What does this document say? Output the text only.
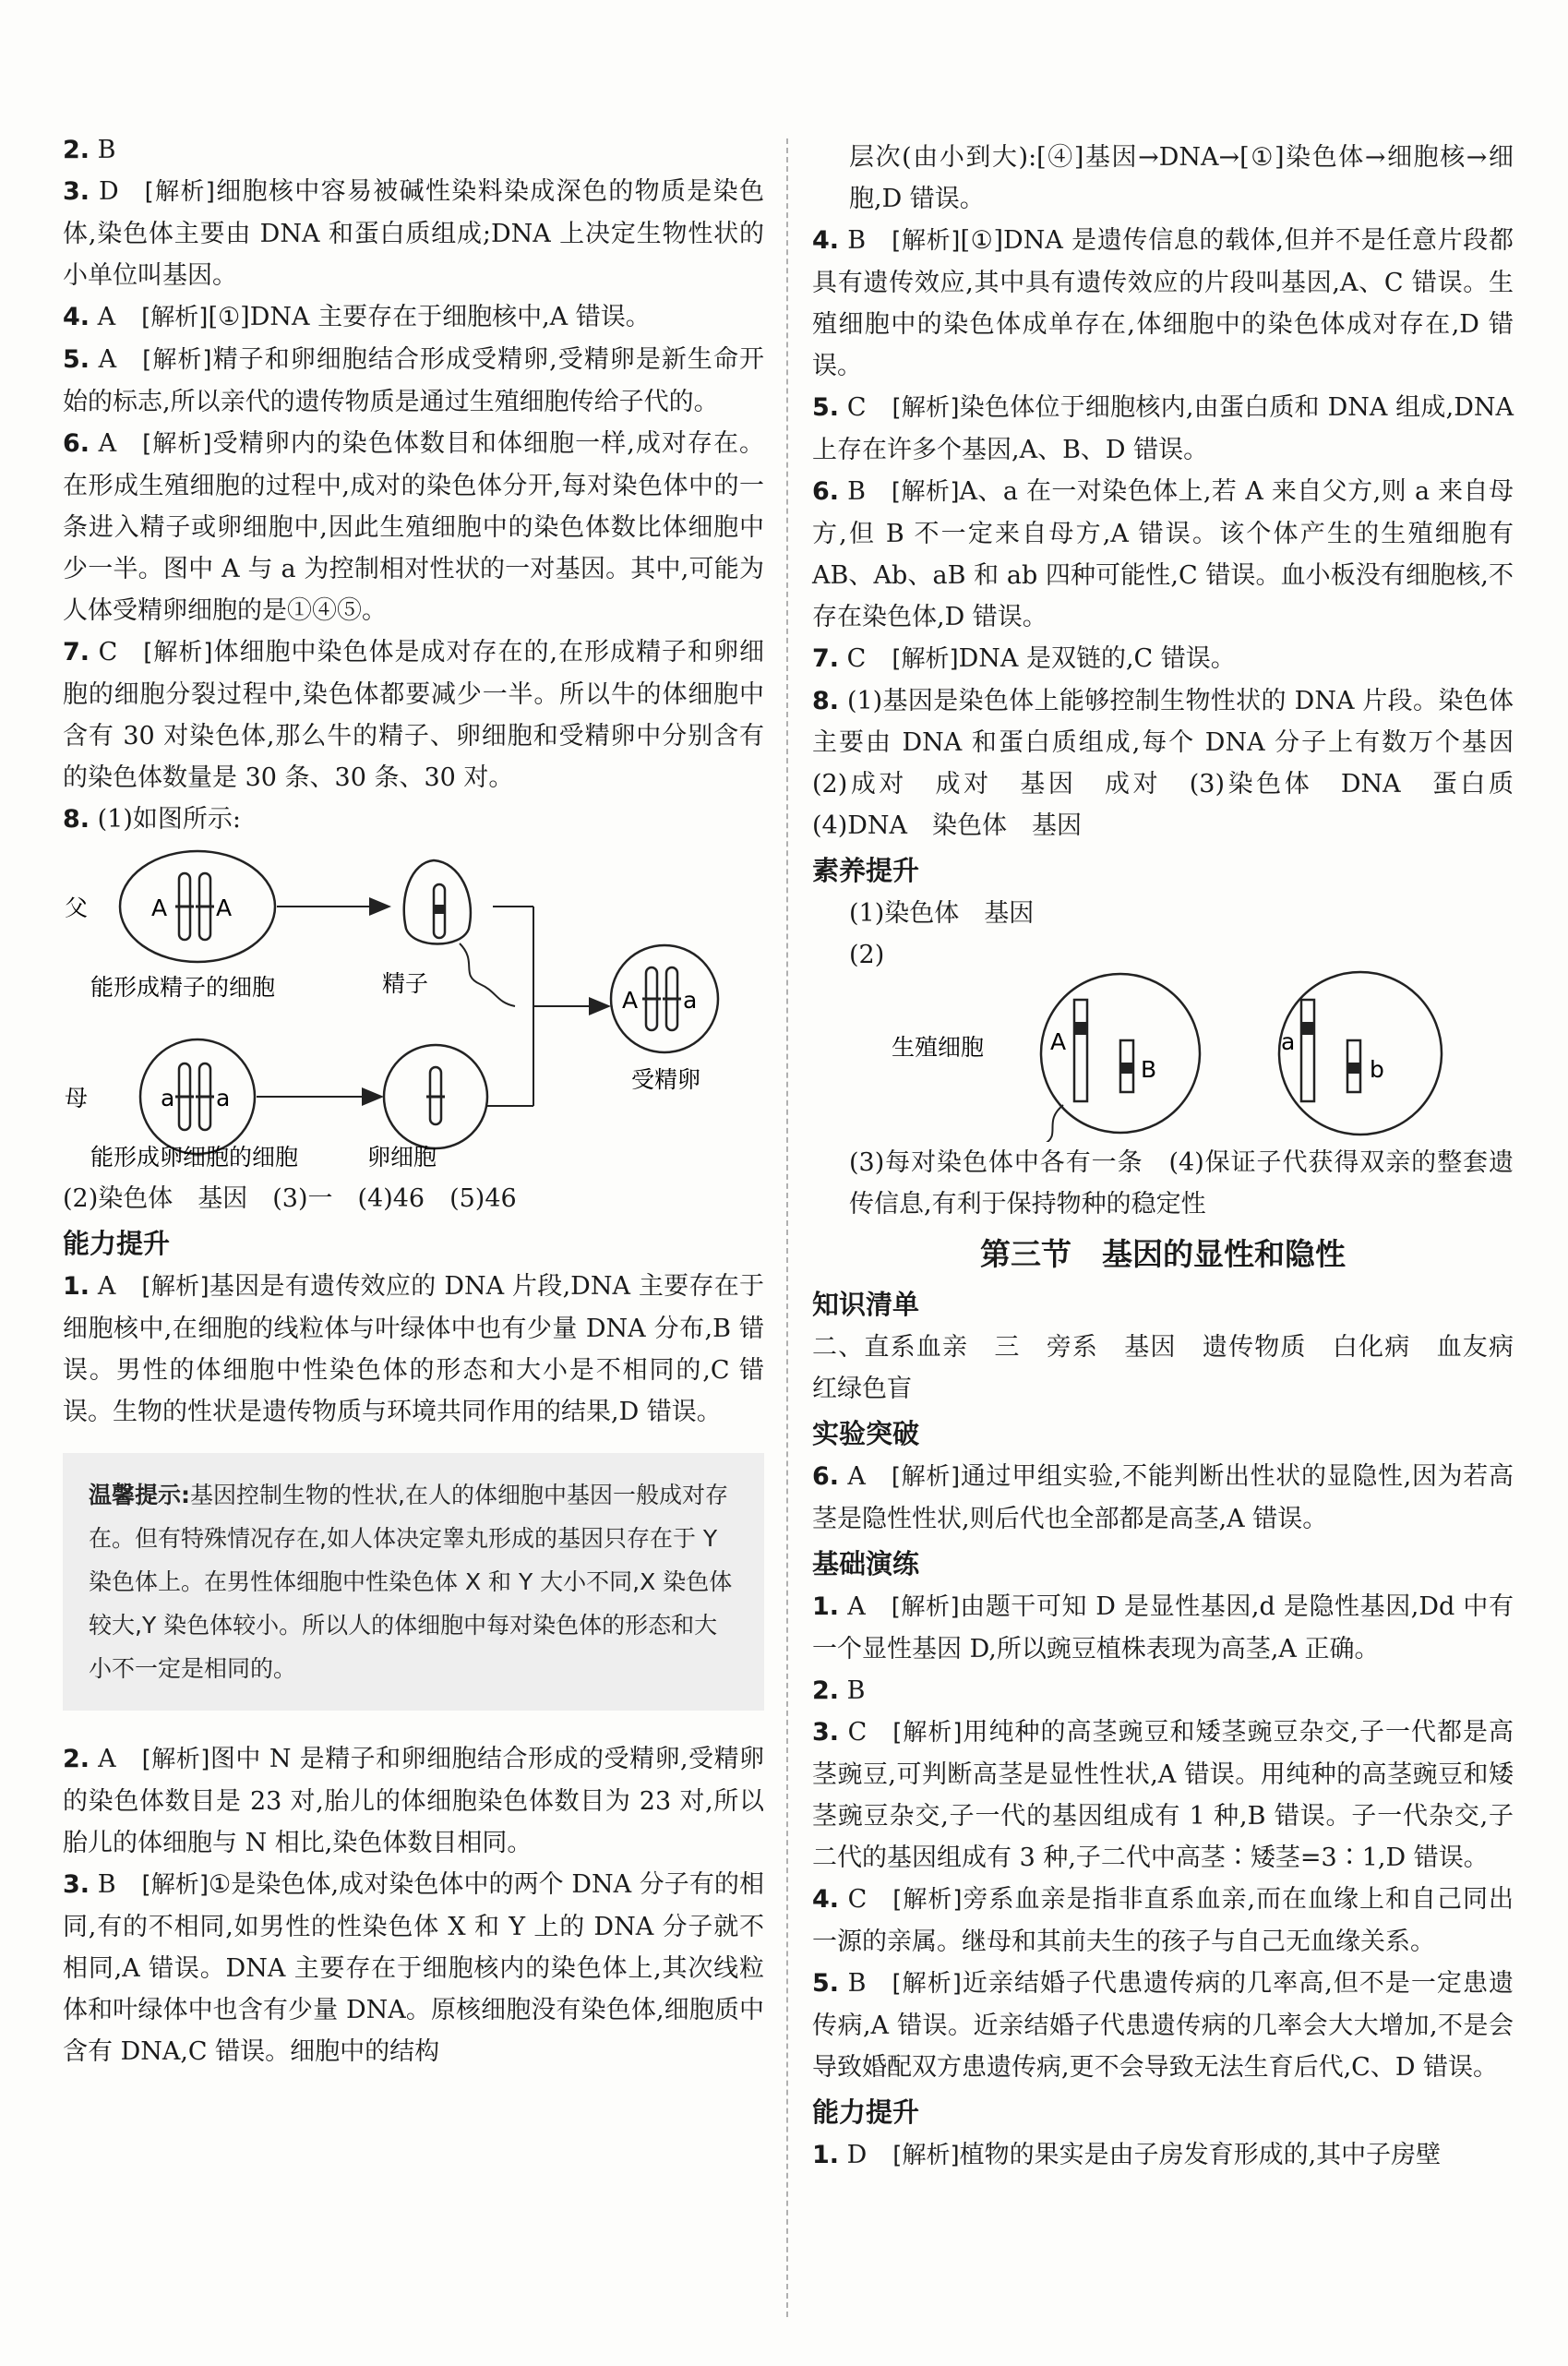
2. B

3. D [解析]细胞核中容易被碱性染料染成深色的物质是染色体,染色体主要由 DNA 和蛋白质组成;DNA 上决定生物性状的小单位叫基因。

4. A [解析][①]DNA 主要存在于细胞核中,A 错误。

5. A [解析]精子和卵细胞结合形成受精卵,受精卵是新生命开始的标志,所以亲代的遗传物质是通过生殖细胞传给子代的。

6. A [解析]受精卵内的染色体数目和体细胞一样,成对存在。在形成生殖细胞的过程中,成对的染色体分开,每对染色体中的一条进入精子或卵细胞中,因此生殖细胞中的染色体数比体细胞中少一半。图中 A 与 a 为控制相对性状的一对基因。其中,可能为人体受精卵细胞的是①④⑤。

7. C [解析]体细胞中染色体是成对存在的,在形成精子和卵细胞的细胞分裂过程中,染色体都要减少一半。所以牛的体细胞中含有 30 对染色体,那么牛的精子、卵细胞和受精卵中分别含有的染色体数量是 30 条、30 条、30 对。

8. (1)如图所示:

父	A A
A a
受精卵
能形成精子的细胞	精子
母	a a
能形成卵细胞的细胞	卵细胞

(2)染色体　基因　(3)一　(4)46　(5)46

能力提升

1. A [解析]基因是有遗传效应的 DNA 片段,DNA 主要存在于细胞核中,在细胞的线粒体与叶绿体中也有少量 DNA 分布,B 错误。男性的体细胞中性染色体的形态和大小是不相同的,C 错误。生物的性状是遗传物质与环境共同作用的结果,D 错误。

温馨提示:基因控制生物的性状,在人的体细胞中基因一般成对存在。但有特殊情况存在,如人体决定睾丸形成的基因只存在于 Y 染色体上。在男性体细胞中性染色体 X 和 Y 大小不同,X 染色体较大,Y 染色体较小。所以人的体细胞中每对染色体的形态和大小不一定是相同的。

2. A [解析]图中 N 是精子和卵细胞结合形成的受精卵,受精卵的染色体数目是 23 对,胎儿的体细胞染色体数目为 23 对,所以胎儿的体细胞与 N 相比,染色体数目相同。

3. B [解析]①是染色体,成对染色体中的两个 DNA 分子有的相同,有的不相同,如男性的性染色体 X 和 Y 上的 DNA 分子就不相同,A 错误。DNA 主要存在于细胞核内的染色体上,其次线粒体和叶绿体中也含有少量 DNA。原核细胞没有染色体,细胞质中含有 DNA,C 错误。细胞中的结构

层次(由小到大):[④]基因→DNA→[①]染色体→细胞核→细胞,D 错误。

4. B [解析][①]DNA 是遗传信息的载体,但并不是任意片段都具有遗传效应,其中具有遗传效应的片段叫基因,A、C 错误。生殖细胞中的染色体成单存在,体细胞中的染色体成对存在,D 错误。

5. C [解析]染色体位于细胞核内,由蛋白质和 DNA 组成,DNA 上存在许多个基因,A、B、D 错误。

6. B [解析]A、a 在一对染色体上,若 A 来自父方,则 a 来自母方,但 B 不一定来自母方,A 错误。该个体产生的生殖细胞有 AB、Ab、aB 和 ab 四种可能性,C 错误。血小板没有细胞核,不存在染色体,D 错误。

7. C [解析]DNA 是双链的,C 错误。

8. (1)基因是染色体上能够控制生物性状的 DNA 片段。染色体主要由 DNA 和蛋白质组成,每个 DNA 分子上有数万个基因　(2)成对　成对　基因　成对　(3)染色体　DNA　蛋白质　(4)DNA　染色体　基因

素养提升

(1)染色体　基因

(2)

生殖细胞	A
B
a
b

(3)每对染色体中各有一条　(4)保证子代获得双亲的整套遗传信息,有利于保持物种的稳定性

第三节　基因的显性和隐性
知识清单

二、直系血亲　三　旁系　基因　遗传物质　白化病　血友病　红绿色盲

实验突破

6. A [解析]通过甲组实验,不能判断出性状的显隐性,因为若高茎是隐性性状,则后代也全部都是高茎,A 错误。

基础演练

1. A [解析]由题干可知 D 是显性基因,d 是隐性基因,Dd 中有一个显性基因 D,所以豌豆植株表现为高茎,A 正确。

2. B

3. C [解析]用纯种的高茎豌豆和矮茎豌豆杂交,子一代都是高茎豌豆,可判断高茎是显性性状,A 错误。用纯种的高茎豌豆和矮茎豌豆杂交,子一代的基因组成有 1 种,B 错误。子一代杂交,子二代的基因组成有 3 种,子二代中高茎∶矮茎=3∶1,D 错误。

4. C [解析]旁系血亲是指非直系血亲,而在血缘上和自己同出一源的亲属。继母和其前夫生的孩子与自己无血缘关系。

5. B [解析]近亲结婚子代患遗传病的几率高,但不是一定患遗传病,A 错误。近亲结婚子代患遗传病的几率会大大增加,不是会导致婚配双方患遗传病,更不会导致无法生育后代,C、D 错误。

能力提升

1. D [解析]植物的果实是由子房发育形成的,其中子房壁
